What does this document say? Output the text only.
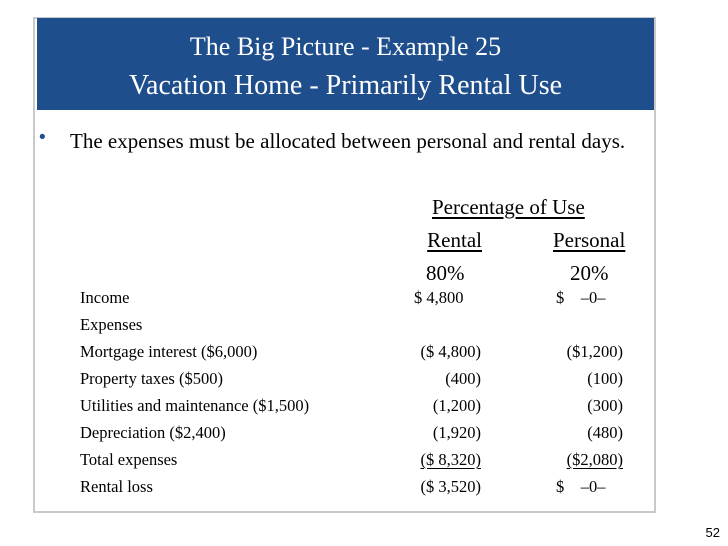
The Big Picture - Example 25
Vacation Home - Primarily Rental Use
• The expenses must be allocated between personal and rental days.
Percentage of Use
Rental	Personal
80%	20%
Income	$ 4,800	$    –0–
Expenses
Mortgage interest ($6,000)	($ 4,800)	($1,200)
Property taxes ($500)	(400)	(100)
Utilities and maintenance ($1,500)	(1,200)	(300)
Depreciation ($2,400)	(1,920)	(480)
Total expenses	($ 8,320)	($2,080)
Rental loss	($ 3,520)	$    –0–
52
